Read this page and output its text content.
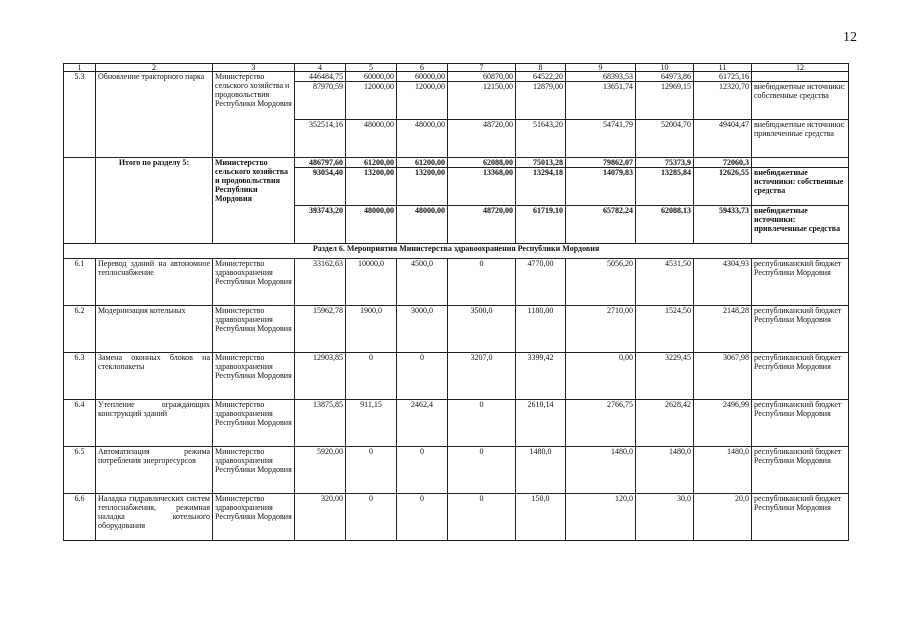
12
1	2	3	4	5	6	7	8	9	10	11	12
5.3	Обновление тракторного парка	Министерство сельского хозяйства и продовольствия Республики Мордовия	446484,75	60000,00	60000,00	60870,00	64522,20	68393,53	64973,86	61725,16	
			87970,59	12000,00	12000,00	12150,00	12879,00	13651,74	12969,15	12320,70	внебюджетные источники: собственные средства
			352514,16	48000,00	48000,00	48720,00	51643,20	54741,79	52004,70	49404,47	внебюджетные источники: привлеченные средства
	Итого по разделу 5:	Министерство сельского хозяйства и продовольствия Республики Мордовия	486797,60	61200,00	61200,00	62088,00	75013,28	79862,07	75373,9	72060,3	
			93054,40	13200,00	13200,00	13368,00	13294,18	14079,83	13285,84	12626,55	внебюджетные источники: собственные средства
			393743,20	48000,00	48000,00	48720,00	61719,10	65782,24	62088,13	59433,73	внебюджетные источники: привлеченные средства
Раздел 6. Мероприятия Министерства здравоохранения Республики Мордовия											
6.1	Перевод зданий на автономное теплоснабжение	Министерство здравоохранения Республики Мордовия	33162,63	10000,0	4500,0	0	4770,00	5056,20	4531,50	4304,93	республиканский бюджет Республики Мордовия
6.2	Модернизация котельных	Министерство здравоохранения Республики Мордовия	15962,78	1900,0	3000,0	3500,0	1180,00	2710,00	1524,50	2148,28	республиканский бюджет Республики Мордовия
6.3	Замена оконных блоков на стеклопакеты	Министерство здравоохранения Республики Мордовия	12903,85	0	0	3207,0	3399,42	0,00	3229,45	3067,98	республиканский бюджет Республики Мордовия
6.4	Утепление ограждающих конструкций зданий	Министерство здравоохранения Республики Мордовия	13875,85	911,15	2462,4	0	2610,14	2766,75	2628,42	2496,99	республиканский бюджет Республики Мордовия
6.5	Автоматизация режима потребления энергоресурсов	Министерство здравоохранения Республики Мордовия	5920,00	0	0	0	1480,0	1480,0	1480,0	1480,0	республиканский бюджет Республики Мордовия
6.6	Наладка гидравлических систем теплоснабжения, режимная наладка котельного оборудования	Министерство здравоохранения Республики Мордовия	320,00	0	0	0	150,0	120,0	30,0	20,0	республиканский бюджет Республики Мордовия
